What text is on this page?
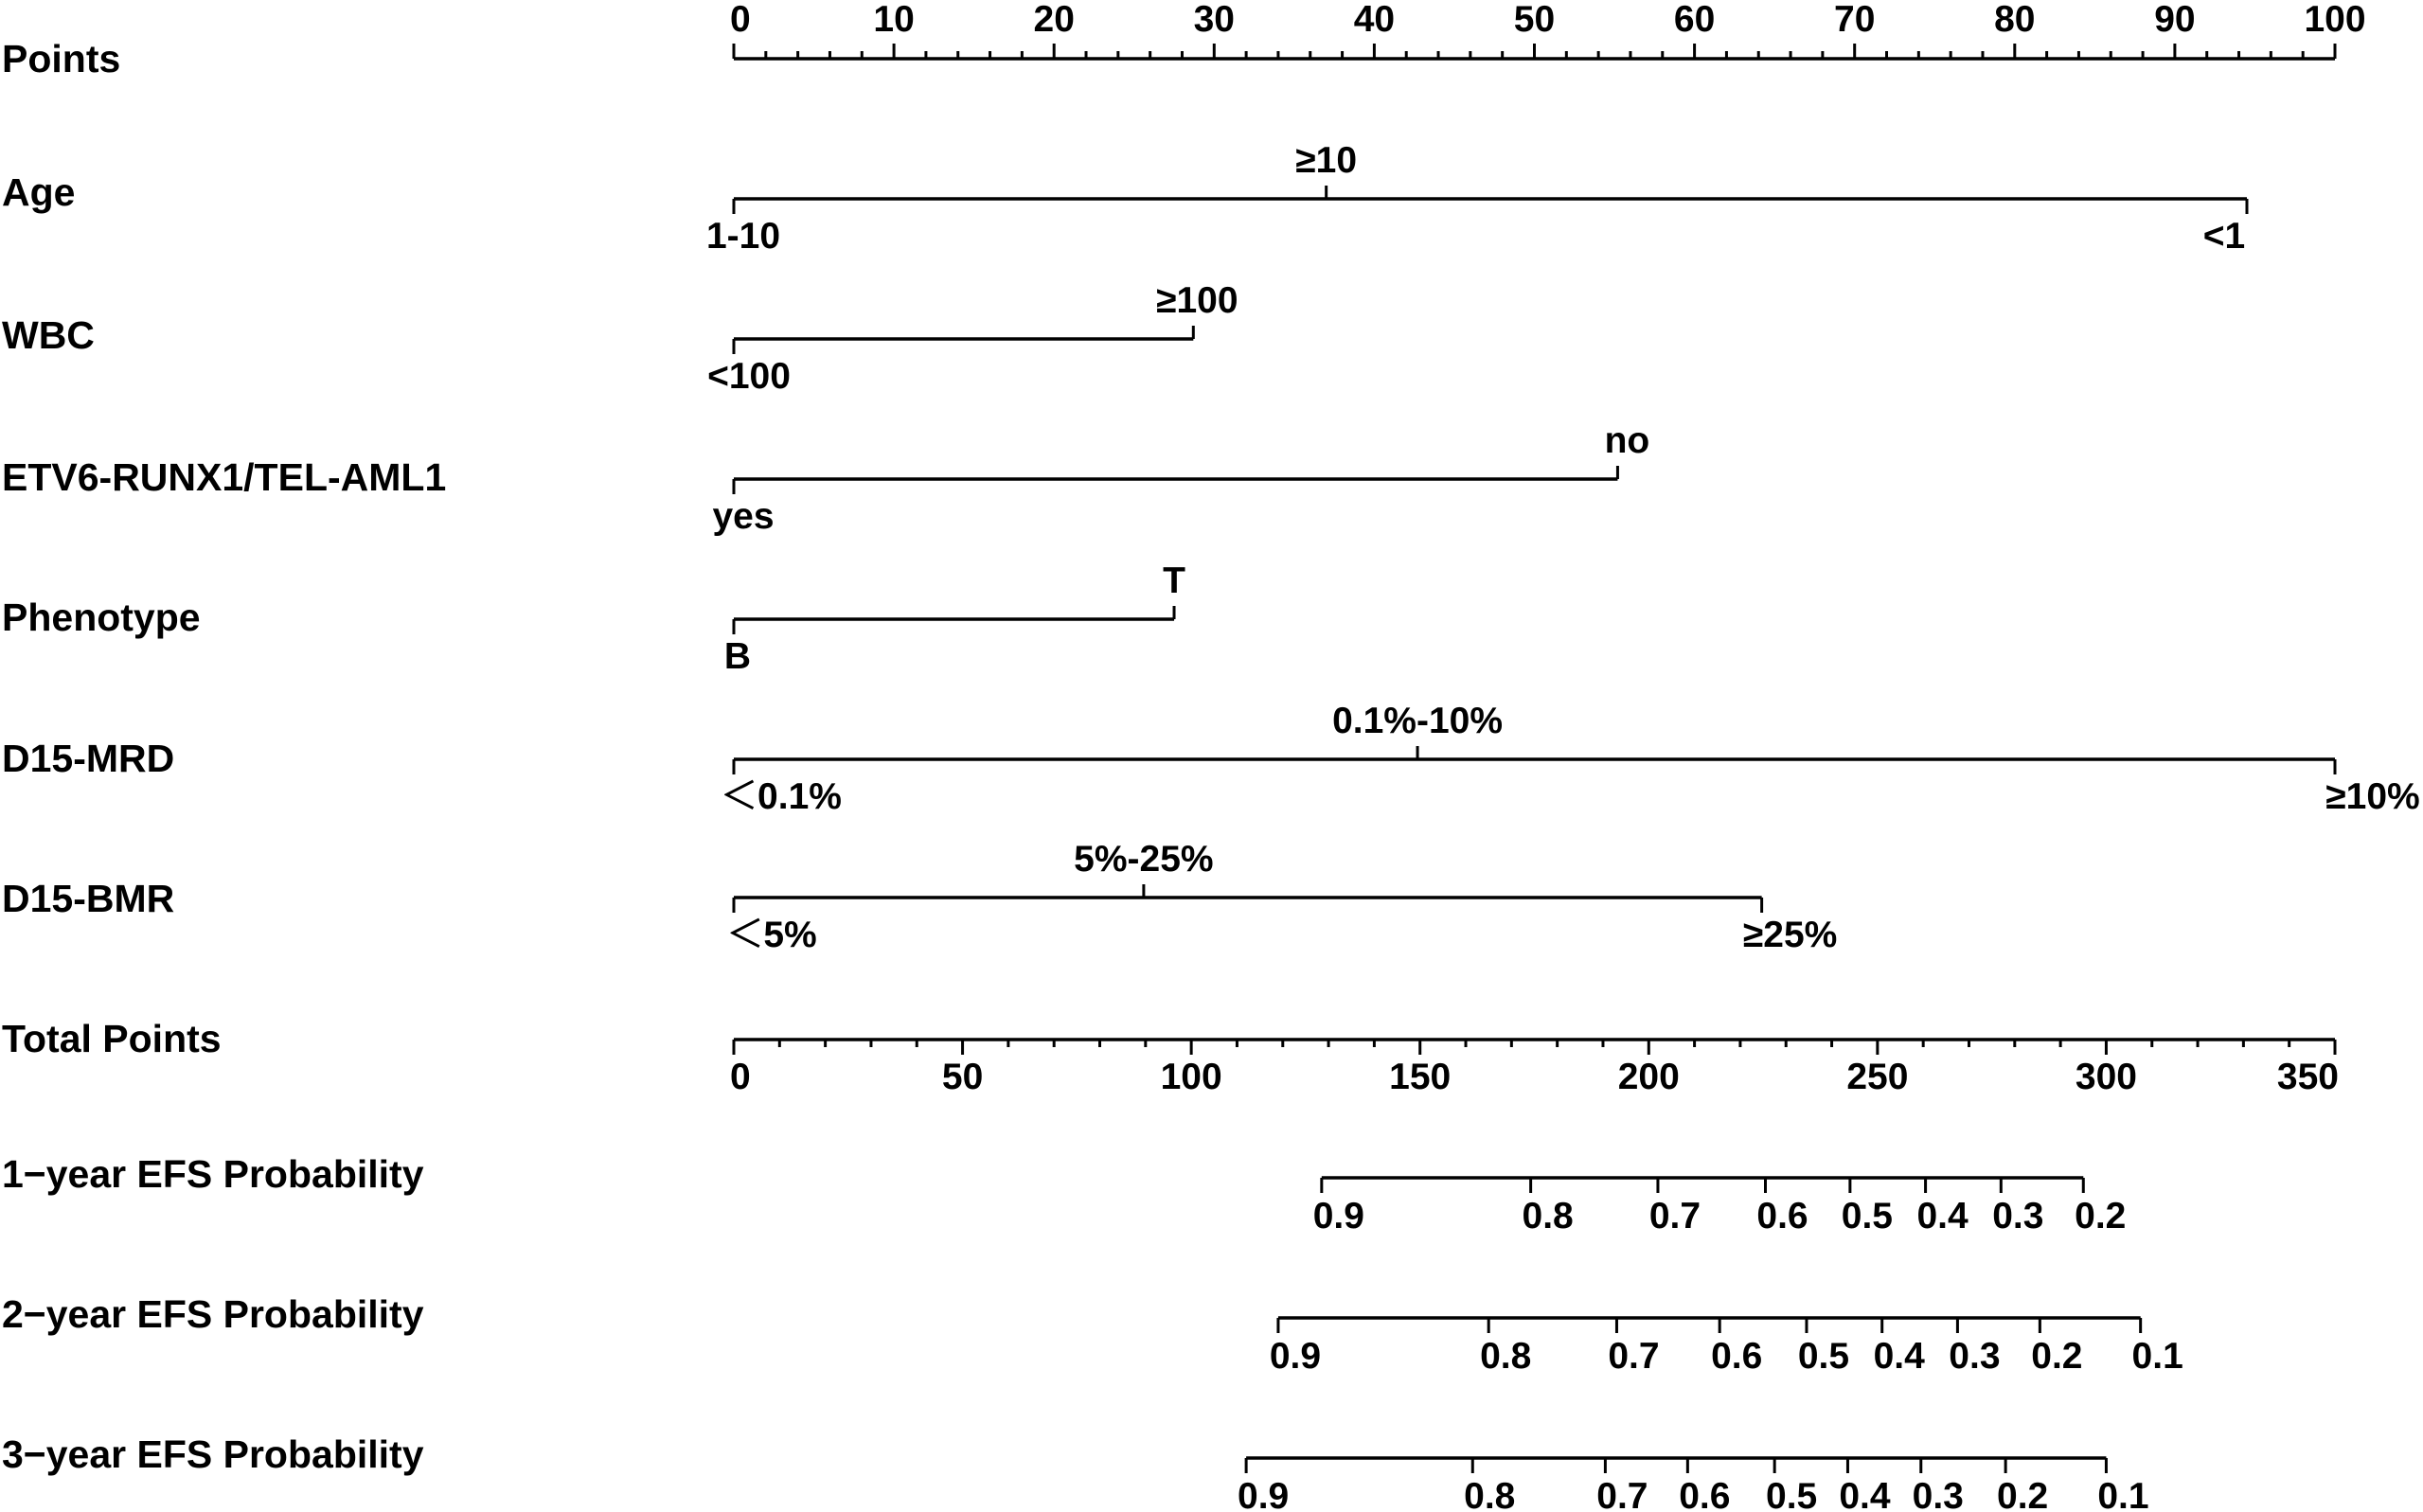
Points
0	10	20	30	40	50	60	70	80	90	100
Age
1-10
≥10
<1
WBC
<100
≥100
ETV6-RUNX1/TEL-AML1
yes
no
Phenotype
B
T
D15-MRD
＜0.1%
0.1%-10%
≥10%
D15-BMR
＜5%
5%-25%
≥25%
Total Points
0	50	100	150	200	250	300	350
1−year EFS Probability
0.9	0.8 0.7 0.6 0.5 0.4 0.3 0.2
2−year EFS Probability
0.9	0.8 0.7 0.6 0.5 0.4 0.3 0.2 0.1
3−year EFS Probability
0.9	0.8 0.7 0.6 0.5 0.4 0.3 0.2 0.1
